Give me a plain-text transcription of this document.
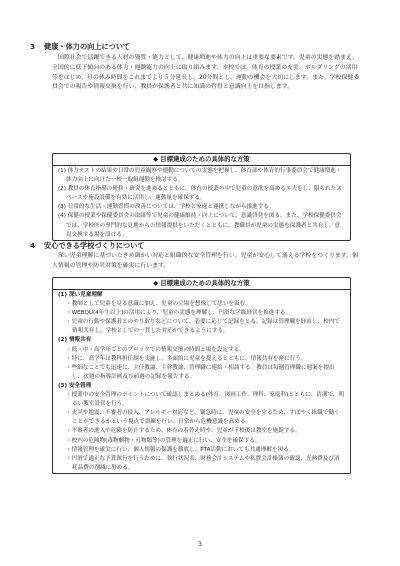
3 健康・体力の向上について

国際社会で活躍できる人材の資質・能力として、健康増進や体力の向上は重要な要素です。児童の実態を踏まえ、全国的に低下傾向のある体力・運動能力の向上に取り組みます。本校では、体育の授業の充実、ボルダリングの活用等をはじめ、昼の休み時間をこれまでより５分延長し、20分間とし、運動の機会を大切にします。また、学校保健委員会での報告や情報交換を行い、教員が保護者と共に知識の習得と意識向上を目指します。

◆ 目標達成のための具体的な方策

(1) 体力テストの結果や日常の児童観察や運動についての実態を把握し、体育部や体育的行事委員会で健康増進・体力向上に向けた一校一取組運動を検討する。

(2) 教員の体育指導の研修・研究を進めるとともに、体育の授業の中で児童の意欲を高めるエ夫をし、限られたスペースや施設設備を有効に活用し、運動量を確保する。

(3) 日常的な生活・運動習慣の改善については、学校と家庭と連携しながら推進する。

(4) 保健の授業や保健委員会の取組等で児童の健康維持・向上について、意識啓発を図る。また、学校保健委員会では、学校医の専門的な見地からの情報提供をいただくとともに、教職員が児童の実態を保護者と共有し、意見交換する場を設ける。

4 安心できる学校づくりについて

深い児童理解に基づいたきめ細かい対応と組織的な安全管理を行い、児童が安心して通える学校をつくります。個人情報の管理や防災対策を確実に行います。

◆ 目標達成のための具体的な方策

(1) 深い児童理解

・教師として児童を見る意識に加え、児童の立場を想像して思いを汲む。

・WEBQU(4年生以上)の活用により、児童の実態を理解し、円滑な学級経営を推進する。

・児童の行動や保護者とのやり取りなどについて、必要に応じて記録をとる。記録は管理職を経由し、校内で情報共有し、学校としての一貫した対応ができるようにする。

(2) 情報共有

・低・中・高学年ごとのブロックでの情報交換の時間と場を設定する。

・特に、高学年は教科担任制を実施し、多面的に児童を捉えるとともに、情報共有を密に行う。

・些細なことでも迅速に、主任教諭、主幹教諭、管理職に連絡・相談する。教員は毎週管理職に週案を提出し、次週の指導計画及び前週の記録を報告する。

(3) 安全管理

・授業中の安全管理のポイントについて確認しまとめる(体育、図画工作、理科、家庭科)とともに、清潔で、明るい教室設営を行う。

・火災や地震、不審者の侵入、アレルギー対応など、緊急時に、児童の安全を守るため、すばやく組織で動くことができるかという視点で訓練を行い、日常から危機意識を高める。

・不審者の進入や危険を防止するため、体育の着替え時や、児童が下校後は教室を施錠する。

・校内の危険物(毒物劇物・刃物類等)の管理を適正に行い、安全を確保する。

・情報管理を確実に行い、個人情報の保護を徹底し、PTA活動においても共通理解を図る。

・円滑で適正な予算執行を行うために、執行状況表、財務会計システムや私費会計帳簿の確認、光熱費及び消耗品費の削減に努める。

3
